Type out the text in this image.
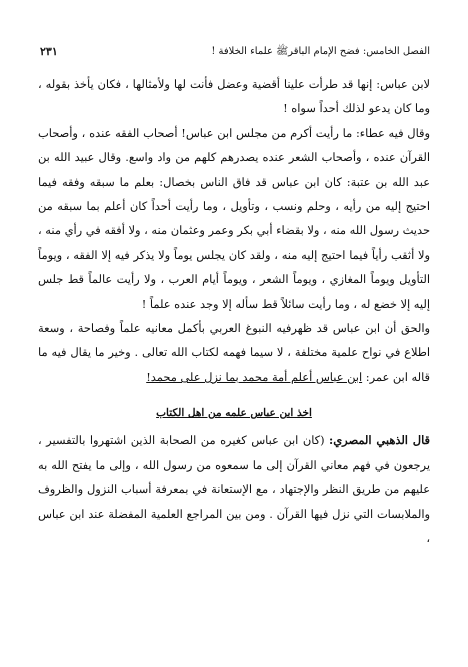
الفصل الخامس: فضح الإمام الباقرﷺ علماء الخلافة !
٢٣١

لابن عباس: إنها قد طرأت علينا أقضية وعضل فأنت لها ولأمثالها ، فكان يأخذ بقوله ، وما كان يدعو لذلك أحداً سواه !

وقال فيه عطاء: ما رأيت أكرم من مجلس ابن عباس! أصحاب الفقه عنده ، وأصحاب القرآن عنده ، وأصحاب الشعر عنده يصدرهم كلهم من واد واسع. وقال عبيد الله بن عبد الله بن عتبة: كان ابن عباس قد فاق الناس بخصال: بعلم ما سبقه وفقه فيما احتيج إليه من رأيه ، وحلم ونسب ، وتأويل ، وما رأيت أحداً كان أعلم بما سبقه من حديث رسول الله منه ، ولا بقضاء أبي بكر وعمر وعثمان منه ، ولا أفقه في رأي منه ، ولا أثقب رأياً فيما احتيج إليه منه ، ولقد كان يجلس يوماً ولا يذكر فيه إلا الفقه ، ويوماً التأويل ويوماً المغازي ، ويوماً الشعر ، ويوماً أيام العرب ، ولا رأيت عالماً قط جلس إليه إلا خضع له ، وما رأيت سائلاً قط سأله إلا وجد عنده علماً !

والحق أن ابن عباس قد ظهرفيه النبوغ العربي بأكمل معانيه علماً وفصاحة ، وسعة اطلاع في نواح علمية مختلفة ، لا سيما فهمه لكتاب الله تعالى . وخير ما يقال فيه ما قاله ابن عمر: ابن عباس أعلم أمة محمد بما نزل على محمد!

اخذ ابن عباس علمه من اهل الكتاب

قال الذهبي المصري: (كان ابن عباس كغيره من الصحابة الذين اشتهروا بالتفسير ، يرجعون في فهم معاني القرآن إلى ما سمعوه من رسول الله ، وإلى ما يفتح الله به عليهم من طريق النظر والإجتهاد ، مع الإستعانة في بمعرفة أسباب النزول والظروف والملابسات التي نزل فيها القرآن . ومن بين المراجع العلمية المفضلة عند ابن عباس ،
